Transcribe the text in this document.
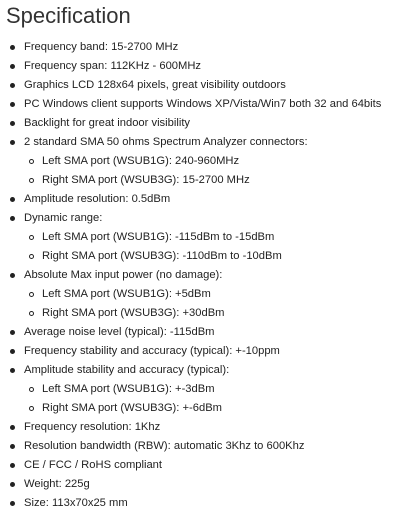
Specification
Frequency band: 15-2700 MHz
Frequency span: 112KHz - 600MHz
Graphics LCD 128x64 pixels, great visibility outdoors
PC Windows client supports Windows XP/Vista/Win7 both 32 and 64bits
Backlight for great indoor visibility
2 standard SMA 50 ohms Spectrum Analyzer connectors:
Left SMA port (WSUB1G): 240-960MHz
Right SMA port (WSUB3G): 15-2700 MHz
Amplitude resolution: 0.5dBm
Dynamic range:
Left SMA port (WSUB1G): -115dBm to -15dBm
Right SMA port (WSUB3G): -110dBm to -10dBm
Absolute Max input power (no damage):
Left SMA port (WSUB1G): +5dBm
Right SMA port (WSUB3G): +30dBm
Average noise level (typical): -115dBm
Frequency stability and accuracy (typical): +-10ppm
Amplitude stability and accuracy (typical):
Left SMA port (WSUB1G): +-3dBm
Right SMA port (WSUB3G): +-6dBm
Frequency resolution: 1Khz
Resolution bandwidth (RBW): automatic 3Khz to 600Khz
CE / FCC / RoHS compliant
Weight: 225g
Size: 113x70x25 mm
